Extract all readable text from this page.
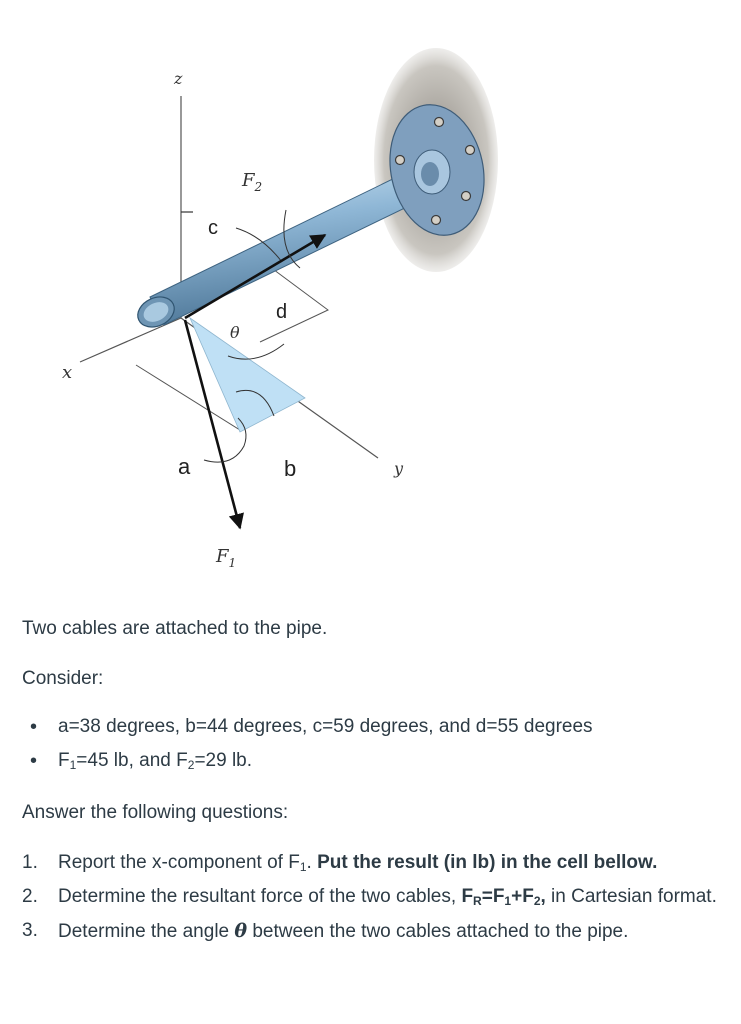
z
x
y
c
$F_2$
d
θ
b
$F_1$
a
Two cables are attached to the pipe.
Consider:
• a=38 degrees, b=44 degrees, c=59 degrees, and d=55 degrees
• $F_1=45$ lb, and $F_2=29$ lb.
Answer the following questions:
1. Report the x-component of $F_1$. Put the result (in lb) in the cell bellow.
2. Determine the resultant force of the two cables, $F_R=F_1+F_2$, in Cartesian format.
3. Determine the angle θ between the two cables attached to the pipe.
